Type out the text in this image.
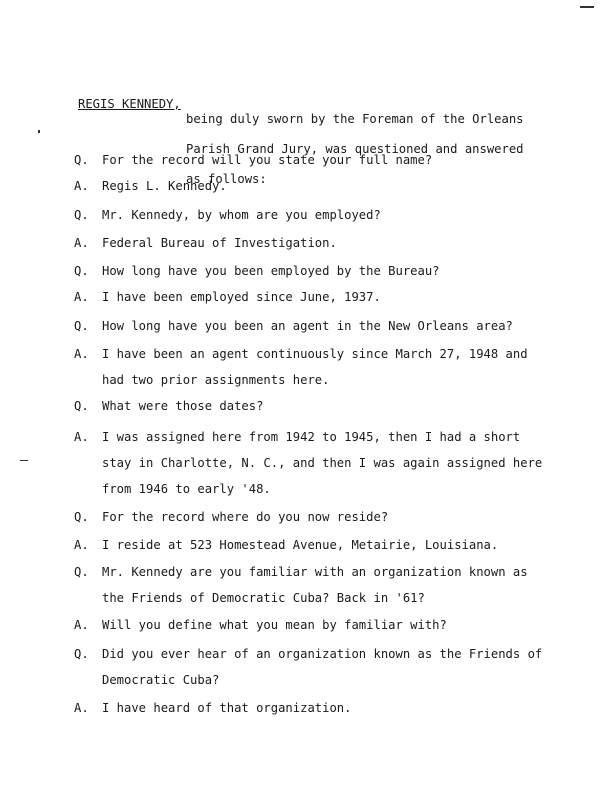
REGIS KENNEDY,

being duly sworn by the Foreman of the Orleans

Parish Grand Jury, was questioned and answered

as follows:

Q. For the record will you state your full name?
A. Regis L. Kennedy.
Q. Mr. Kennedy, by whom are you employed?
A. Federal Bureau of Investigation.
Q. How long have you been employed by the Bureau?
A. I have been employed since June, 1937.
Q. How long have you been an agent in the New Orleans area?
A. I have been an agent continuously since March 27, 1948 and
had two prior assignments here.
Q. What were those dates?
A. I was assigned here from 1942 to 1945, then I had a short
stay in Charlotte, N. C., and then I was again assigned here
from 1946 to early '48.
Q. For the record where do you now reside?
A. I reside at 523 Homestead Avenue, Metairie, Louisiana.
Q. Mr. Kennedy are you familiar with an organization known as
the Friends of Democratic Cuba? Back in '61?
A. Will you define what you mean by familiar with?
Q. Did you ever hear of an organization known as the Friends of
Democratic Cuba?
A. I have heard of that organization.
